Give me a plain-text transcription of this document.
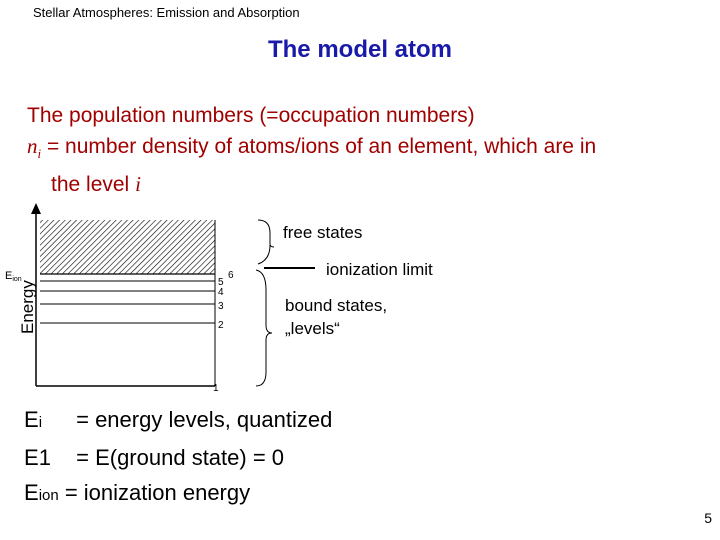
Stellar Atmospheres: Emission and Absorption
The model atom
The population numbers (=occupation numbers)
$n_i$ = number density of atoms/ions of an element, which are in
the level i
Energy
Eion	6
5
4
3
2
1
free states
ionization limit
bound states,
„levels“
Ei = energy levels, quantized
E1 = E(ground state) = 0
Eion = ionization energy
5
